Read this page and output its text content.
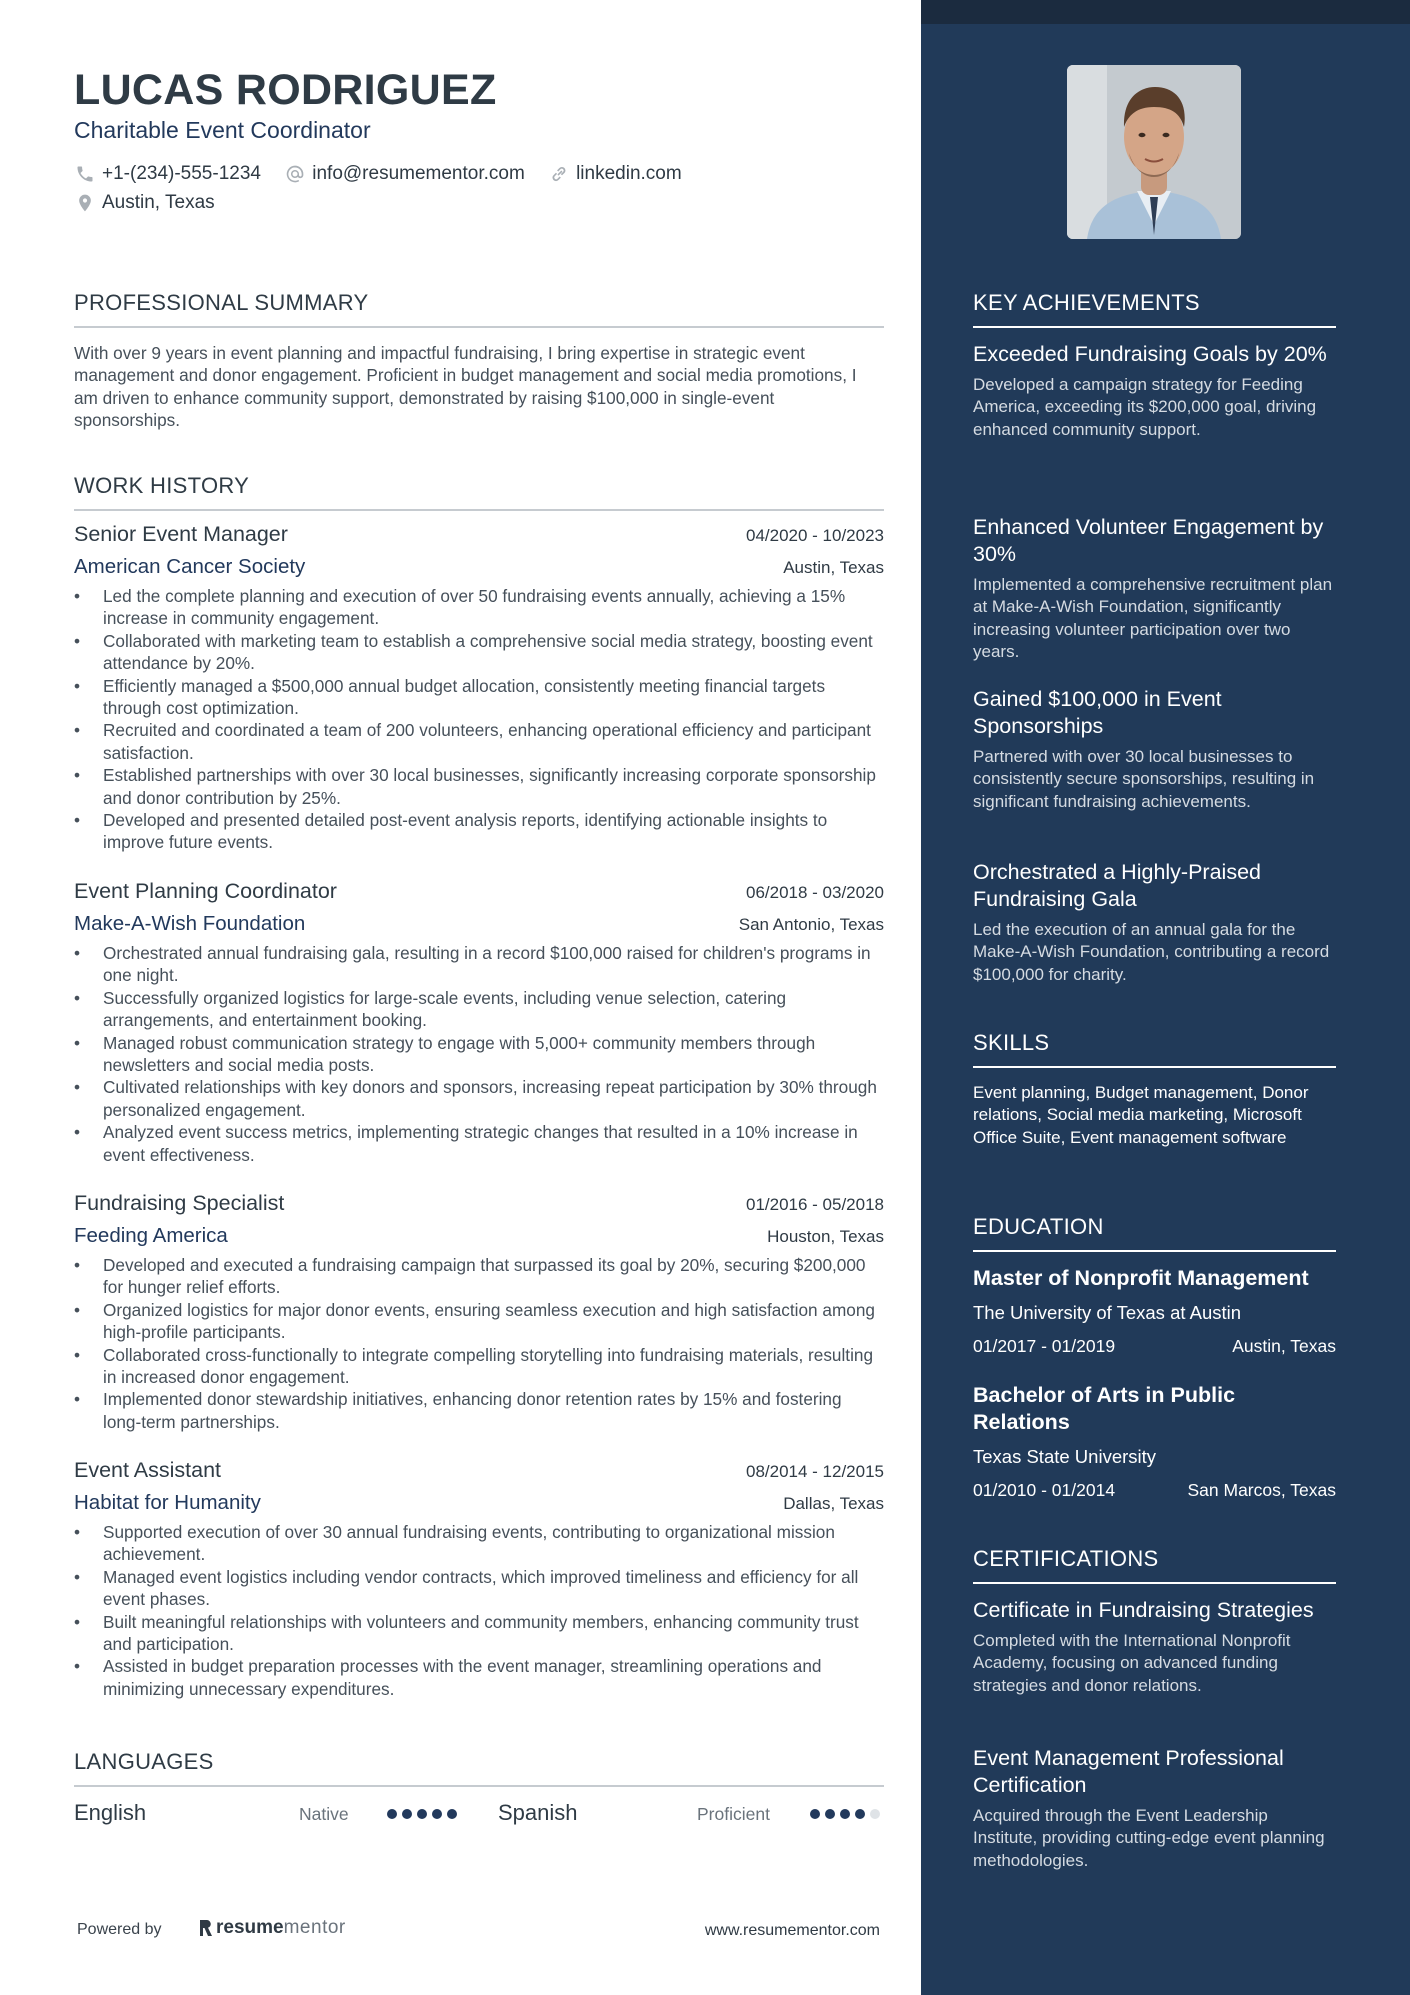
LUCAS RODRIGUEZ
Charitable Event Coordinator
+1-(234)-555-1234
	info@resumementor.com
	linkedin.com
Austin, Texas
PROFESSIONAL SUMMARY
With over 9 years in event planning and impactful fundraising, I bring expertise in strategic event management and donor engagement. Proficient in budget management and social media promotions, I am driven to enhance community support, demonstrated by raising $100,000 in single-event sponsorships.
WORK HISTORY
Senior Event Manager	04/2020 - 10/2023
American Cancer Society	Austin, Texas
• Led the complete planning and execution of over 50 fundraising events annually, achieving a 15% increase in community engagement.
• Collaborated with marketing team to establish a comprehensive social media strategy, boosting event attendance by 20%.
• Efficiently managed a $500,000 annual budget allocation, consistently meeting financial targets through cost optimization.
• Recruited and coordinated a team of 200 volunteers, enhancing operational efficiency and participant satisfaction.
• Established partnerships with over 30 local businesses, significantly increasing corporate sponsorship and donor contribution by 25%.
• Developed and presented detailed post-event analysis reports, identifying actionable insights to improve future events.
Event Planning Coordinator	06/2018 - 03/2020
Make-A-Wish Foundation	San Antonio, Texas
• Orchestrated annual fundraising gala, resulting in a record $100,000 raised for children's programs in one night.
• Successfully organized logistics for large-scale events, including venue selection, catering arrangements, and entertainment booking.
• Managed robust communication strategy to engage with 5,000+ community members through newsletters and social media posts.
• Cultivated relationships with key donors and sponsors, increasing repeat participation by 30% through personalized engagement.
• Analyzed event success metrics, implementing strategic changes that resulted in a 10% increase in event effectiveness.
Fundraising Specialist	01/2016 - 05/2018
Feeding America	Houston, Texas
• Developed and executed a fundraising campaign that surpassed its goal by 20%, securing $200,000 for hunger relief efforts.
• Organized logistics for major donor events, ensuring seamless execution and high satisfaction among high-profile participants.
• Collaborated cross-functionally to integrate compelling storytelling into fundraising materials, resulting in increased donor engagement.
• Implemented donor stewardship initiatives, enhancing donor retention rates by 15% and fostering long-term partnerships.
Event Assistant	08/2014 - 12/2015
Habitat for Humanity	Dallas, Texas
• Supported execution of over 30 annual fundraising events, contributing to organizational mission achievement.
• Managed event logistics including vendor contracts, which improved timeliness and efficiency for all event phases.
• Built meaningful relationships with volunteers and community members, enhancing community trust and participation.
• Assisted in budget preparation processes with the event manager, streamlining operations and minimizing unnecessary expenditures.
LANGUAGES
English	Native	Spanish	Proficient
Powered by	resume mentor	www.resumementor.com
KEY ACHIEVEMENTS
Exceeded Fundraising Goals by 20%
Developed a campaign strategy for Feeding America, exceeding its $200,000 goal, driving enhanced community support.
Enhanced Volunteer Engagement by 30%
Implemented a comprehensive recruitment plan at Make-A-Wish Foundation, significantly increasing volunteer participation over two years.
Gained $100,000 in Event Sponsorships
Partnered with over 30 local businesses to consistently secure sponsorships, resulting in significant fundraising achievements.
Orchestrated a Highly-Praised Fundraising Gala
Led the execution of an annual gala for the Make-A-Wish Foundation, contributing a record $100,000 for charity.
SKILLS
Event planning, Budget management, Donor relations, Social media marketing, Microsoft Office Suite, Event management software
EDUCATION
Master of Nonprofit Management
The University of Texas at Austin
01/2017 - 01/2019	Austin, Texas
Bachelor of Arts in Public Relations
Texas State University
01/2010 - 01/2014	San Marcos, Texas
CERTIFICATIONS
Certificate in Fundraising Strategies
Completed with the International Nonprofit Academy, focusing on advanced funding strategies and donor relations.
Event Management Professional Certification
Acquired through the Event Leadership Institute, providing cutting-edge event planning methodologies.
